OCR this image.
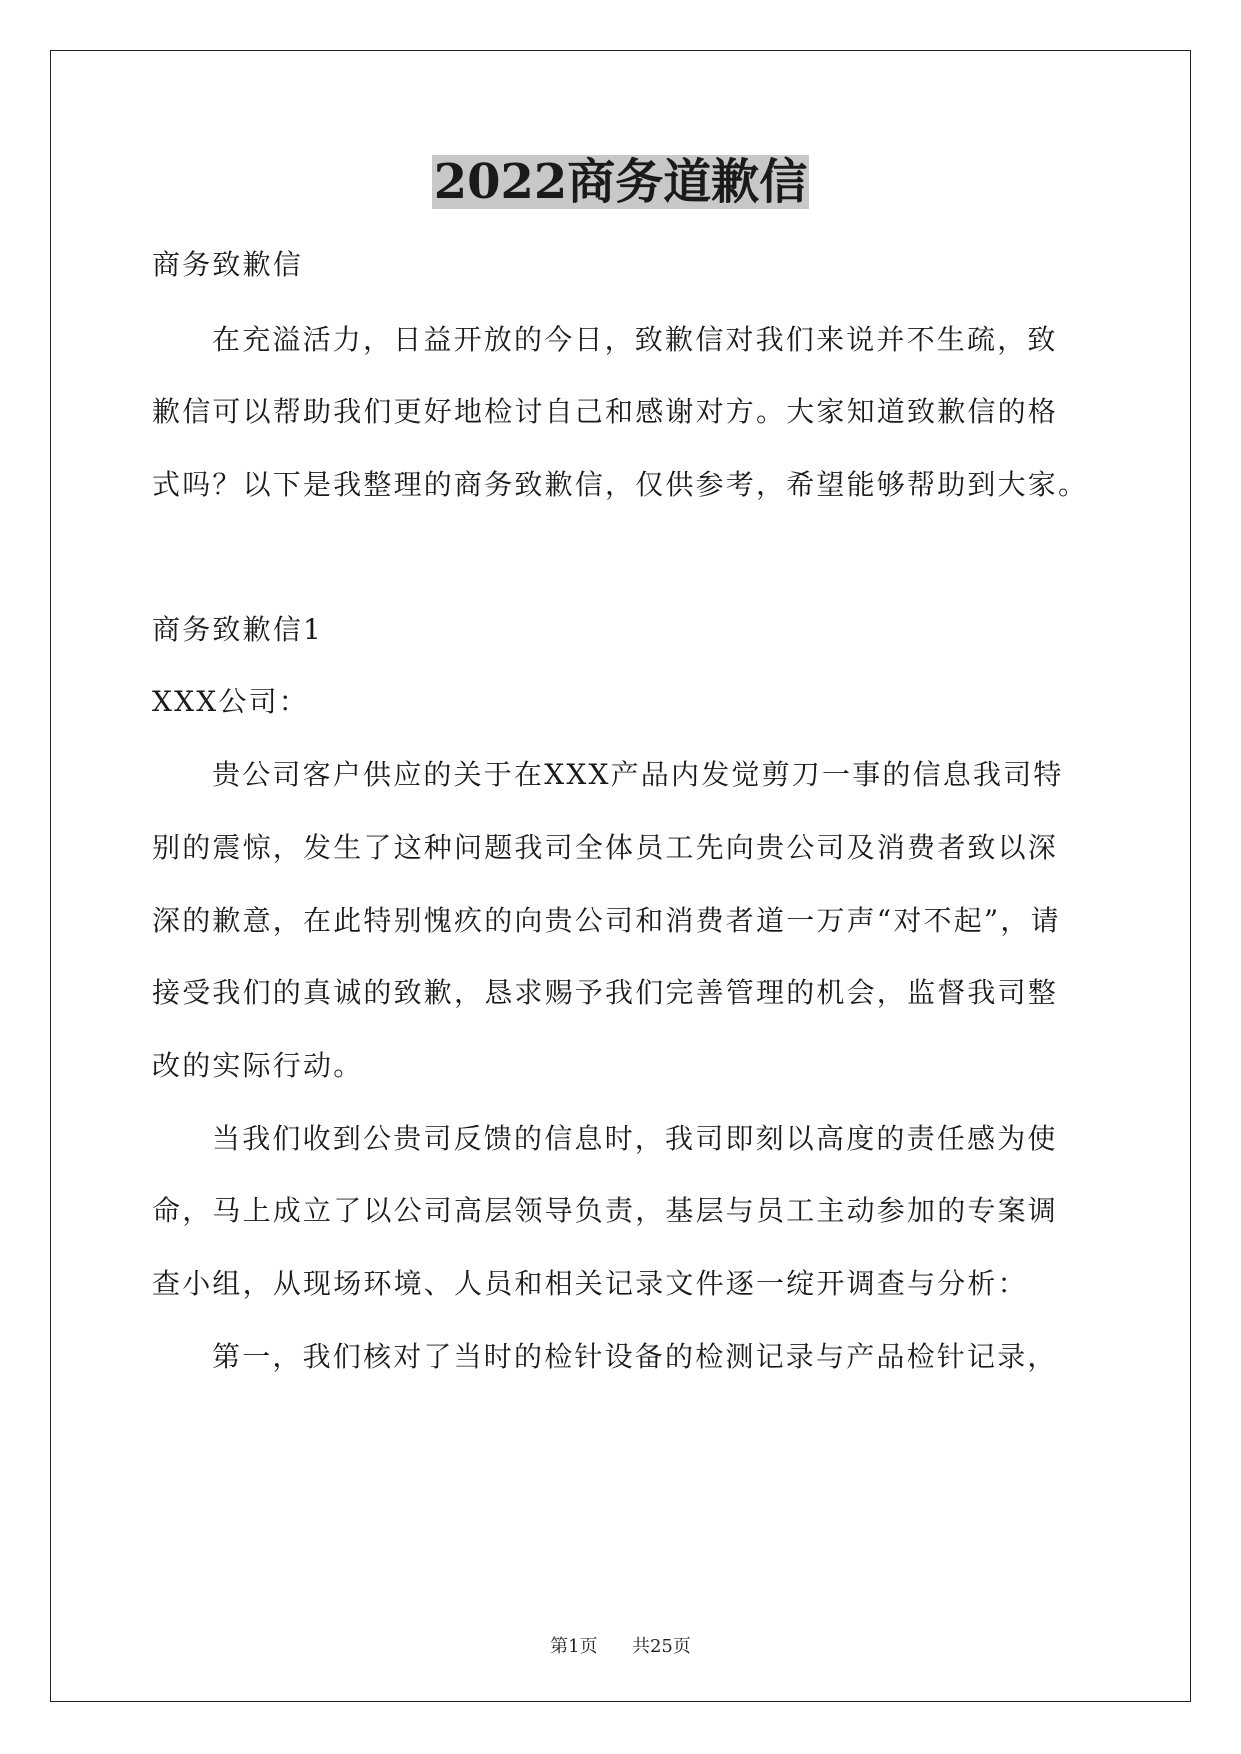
2022商务道歉信
商务致歉信
在充溢活力，日益开放的今日，致歉信对我们来说并不生疏，致
歉信可以帮助我们更好地检讨自己和感谢对方。大家知道致歉信的格
式吗？以下是我整理的商务致歉信，仅供参考，希望能够帮助到大家。
商务致歉信1
XXX公司：
贵公司客户供应的关于在XXX产品内发觉剪刀一事的信息我司特
别的震惊，发生了这种问题我司全体员工先向贵公司及消费者致以深
深的歉意，在此特别愧疚的向贵公司和消费者道一万声“对不起”，请
接受我们的真诚的致歉，恳求赐予我们完善管理的机会，监督我司整
改的实际行动。
当我们收到公贵司反馈的信息时，我司即刻以高度的责任感为使
命，马上成立了以公司高层领导负责，基层与员工主动参加的专案调
查小组，从现场环境、人员和相关记录文件逐一绽开调查与分析：
第一，我们核对了当时的检针设备的检测记录与产品检针记录，
第1页 共25页
